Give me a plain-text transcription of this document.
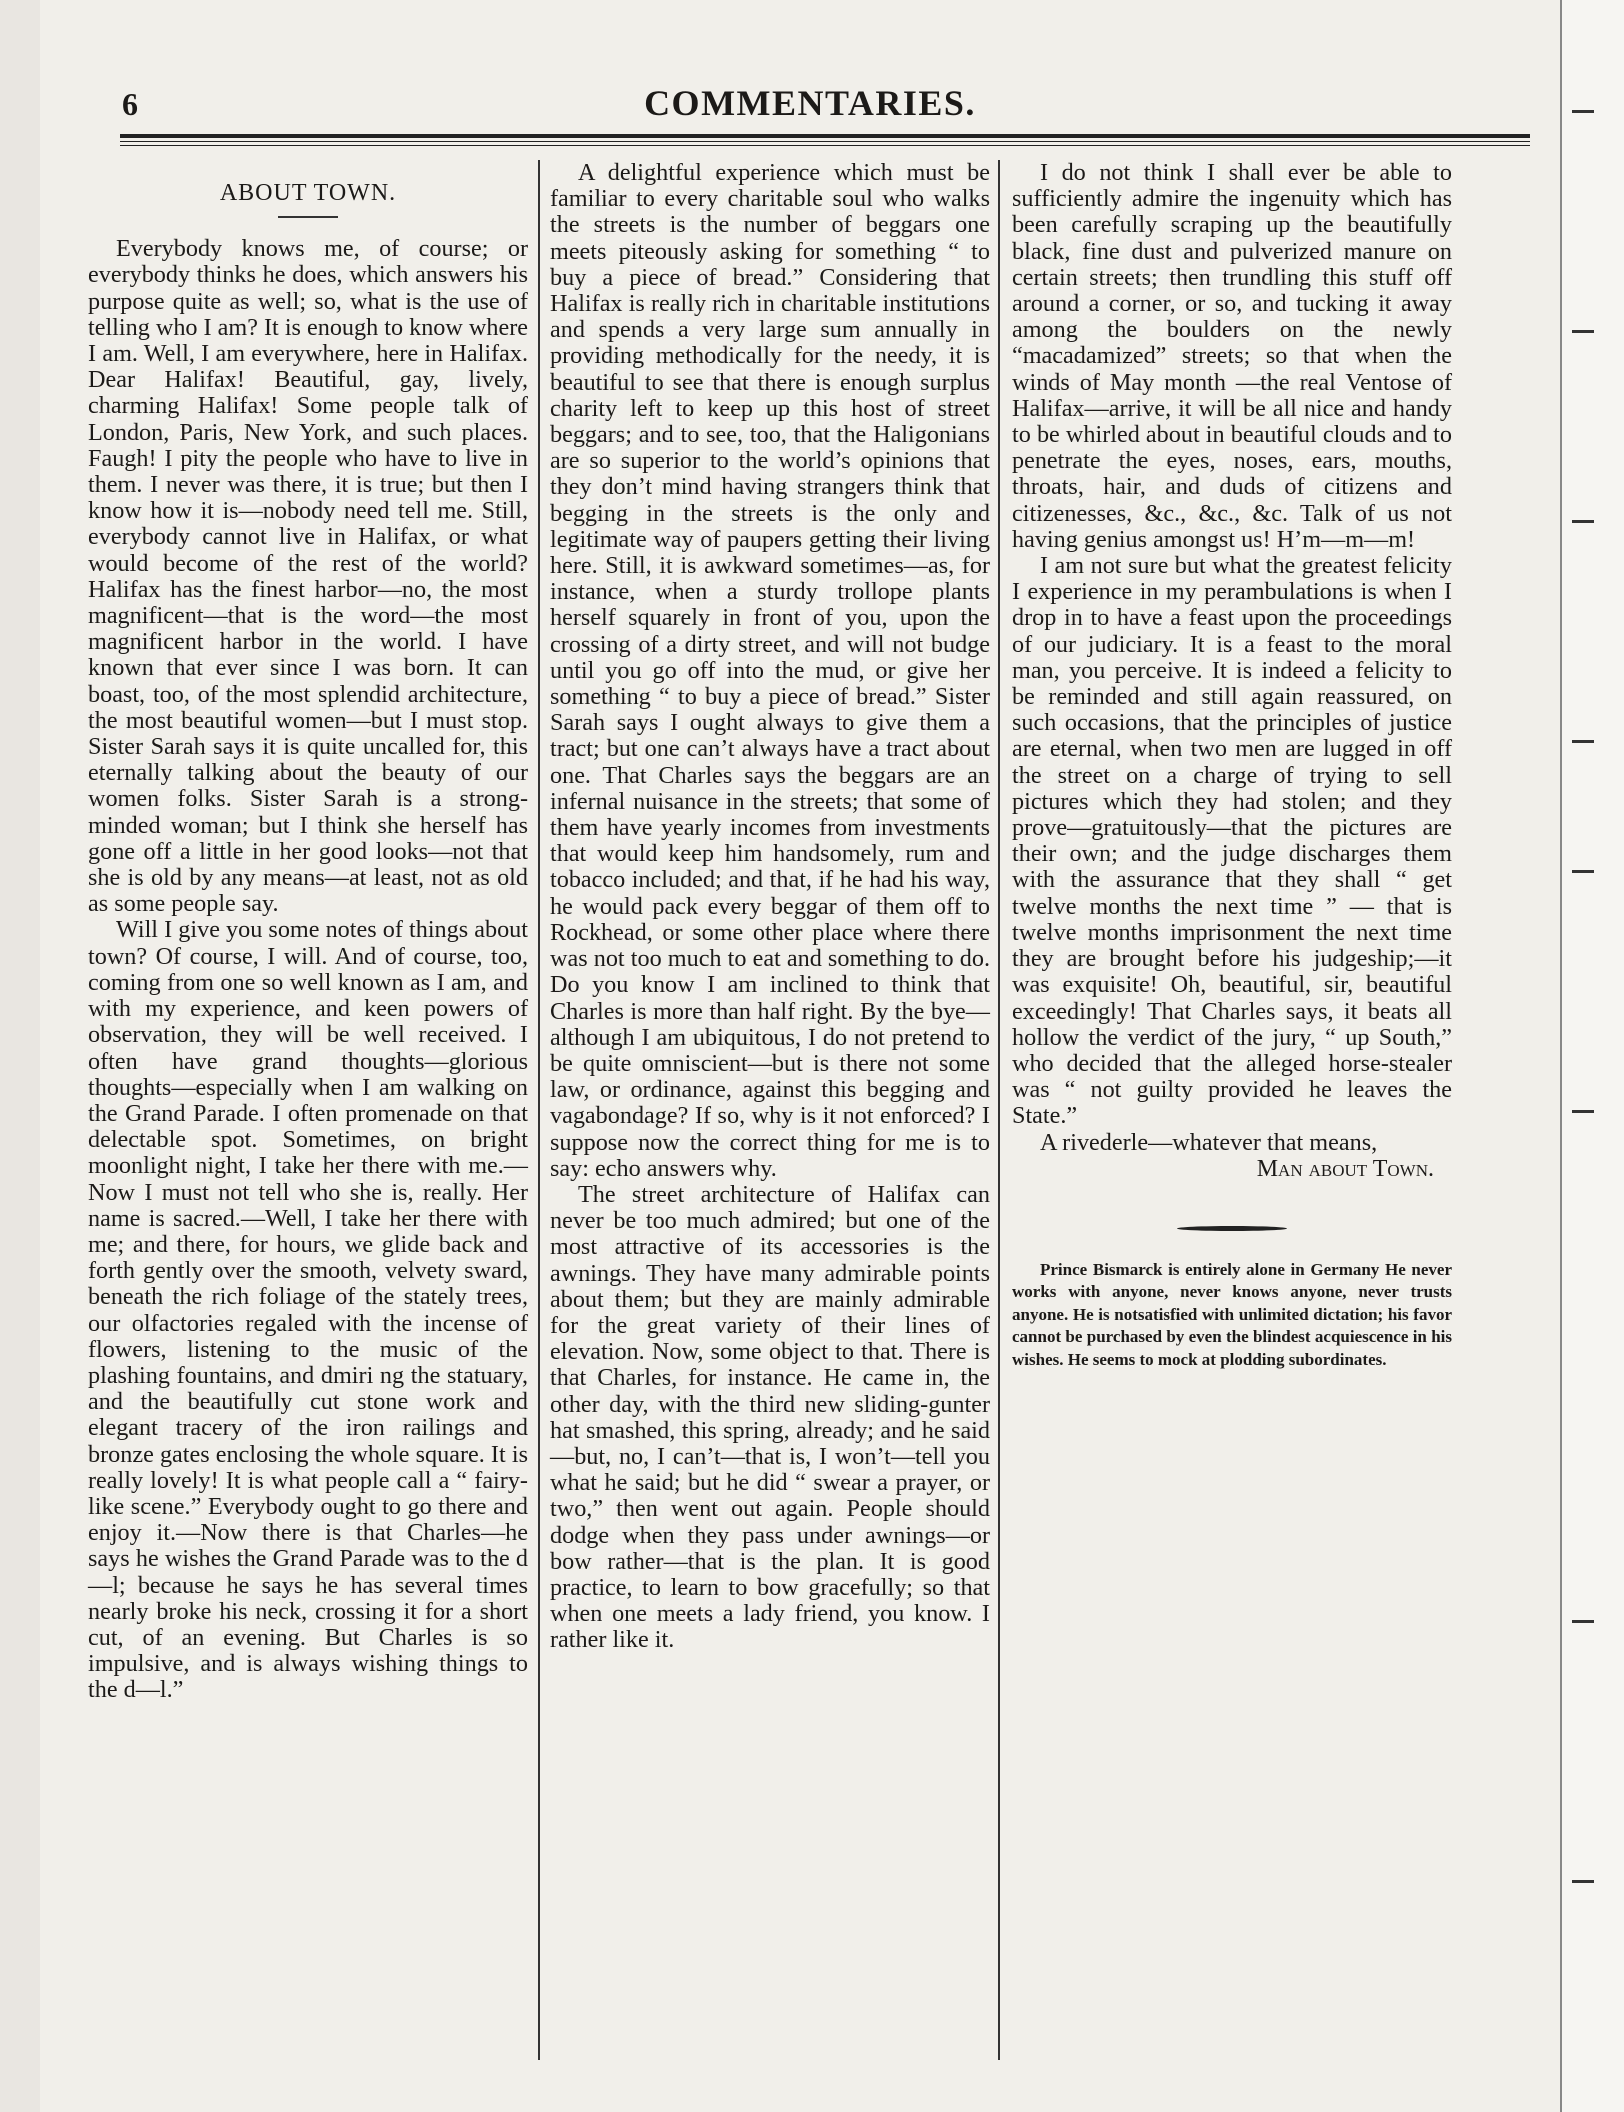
6	COMMENTARIES.
ABOUT TOWN.

Everybody knows me, of course; or everybody thinks he does, which answers his purpose quite as well; so, what is the use of telling who I am? It is enough to know where I am. Well, I am everywhere, here in Halifax. Dear Halifax! Beautiful, gay, lively, charming Halifax! Some people talk of London, Paris, New York, and such places. Faugh! I pity the people who have to live in them. I never was there, it is true; but then I know how it is—nobody need tell me. Still, everybody cannot live in Halifax, or what would become of the rest of the world? Halifax has the finest harbor—no, the most magnificent—that is the word—the most magnificent harbor in the world. I have known that ever since I was born. It can boast, too, of the most splendid architecture, the most beautiful women—but I must stop. Sister Sarah says it is quite uncalled for, this eternally talking about the beauty of our women folks. Sister Sarah is a strong-minded woman; but I think she herself has gone off a little in her good looks—not that she is old by any means—at least, not as old as some people say.

Will I give you some notes of things about town? Of course, I will. And of course, too, coming from one so well known as I am, and with my experience, and keen powers of observation, they will be well received. I often have grand thoughts—glorious thoughts—especially when I am walking on the Grand Parade. I often promenade on that delectable spot. Sometimes, on bright moonlight night, I take her there with me.—Now I must not tell who she is, really. Her name is sacred.—Well, I take her there with me; and there, for hours, we glide back and forth gently over the smooth, velvety sward, beneath the rich foliage of the stately trees, our olfactories regaled with the incense of flowers, listening to the music of the plashing fountains, and dmiri ng the statuary, and the beautifully cut stone work and elegant tracery of the iron railings and bronze gates enclosing the whole square. It is really lovely! It is what people call a “ fairy-like scene.” Everybody ought to go there and enjoy it.—Now there is that Charles—he says he wishes the Grand Parade was to the d—l; because he says he has several times nearly broke his neck, crossing it for a short cut, of an evening. But Charles is so impulsive, and is always wishing things to the d—l.”

A delightful experience which must be familiar to every charitable soul who walks the streets is the number of beggars one meets piteously asking for something “ to buy a piece of bread.” Considering that Halifax is really rich in charitable institutions and spends a very large sum annually in providing methodically for the needy, it is beautiful to see that there is enough surplus charity left to keep up this host of street beggars; and to see, too, that the Haligonians are so superior to the world’s opinions that they don’t mind having strangers think that begging in the streets is the only and legitimate way of paupers getting their living here. Still, it is awkward sometimes—as, for instance, when a sturdy trollope plants herself squarely in front of you, upon the crossing of a dirty street, and will not budge until you go off into the mud, or give her something “ to buy a piece of bread.” Sister Sarah says I ought always to give them a tract; but one can’t always have a tract about one. That Charles says the beggars are an infernal nuisance in the streets; that some of them have yearly incomes from investments that would keep him handsomely, rum and tobacco included; and that, if he had his way, he would pack every beggar of them off to Rockhead, or some other place where there was not too much to eat and something to do. Do you know I am inclined to think that Charles is more than half right. By the bye—although I am ubiquitous, I do not pretend to be quite omniscient—but is there not some law, or ordinance, against this begging and vagabondage? If so, why is it not enforced? I suppose now the correct thing for me is to say: echo answers why.

The street architecture of Halifax can never be too much admired; but one of the most attractive of its accessories is the awnings. They have many admirable points about them; but they are mainly admirable for the great variety of their lines of elevation. Now, some object to that. There is that Charles, for instance. He came in, the other day, with the third new sliding-gunter hat smashed, this spring, already; and he said—but, no, I can’t—that is, I won’t—tell you what he said; but he did “ swear a prayer, or two,” then went out again. People should dodge when they pass under awnings—or bow rather—that is the plan. It is good practice, to learn to bow gracefully; so that when one meets a lady friend, you know. I rather like it.

I do not think I shall ever be able to sufficiently admire the ingenuity which has been carefully scraping up the beautifully black, fine dust and pulverized manure on certain streets; then trundling this stuff off around a corner, or so, and tucking it away among the boulders on the newly “macadamized” streets; so that when the winds of May month —the real Ventose of Halifax—arrive, it will be all nice and handy to be whirled about in beautiful clouds and to penetrate the eyes, noses, ears, mouths, throats, hair, and duds of citizens and citizenesses, &c., &c., &c. Talk of us not having genius amongst us! H’m—m—m!

I am not sure but what the greatest felicity I experience in my perambulations is when I drop in to have a feast upon the proceedings of our judiciary. It is a feast to the moral man, you perceive. It is indeed a felicity to be reminded and still again reassured, on such occasions, that the principles of justice are eternal, when two men are lugged in off the street on a charge of trying to sell pictures which they had stolen; and they prove—gratuitously—that the pictures are their own; and the judge discharges them with the assurance that they shall “ get twelve months the next time ” — that is twelve months imprisonment the next time they are brought before his judgeship;—it was exquisite! Oh, beautiful, sir, beautiful exceedingly! That Charles says, it beats all hollow the verdict of the jury, “ up South,” who decided that the alleged horse-stealer was “ not guilty provided he leaves the State.”

A rivederle—whatever that means,

Man about Town.

Prince Bismarck is entirely alone in Germany He never works with anyone, never knows anyone, never trusts anyone. He is notsatisfied with unlimited dictation; his favor cannot be purchased by even the blindest acquiescence in his wishes. He seems to mock at plodding subordinates.
